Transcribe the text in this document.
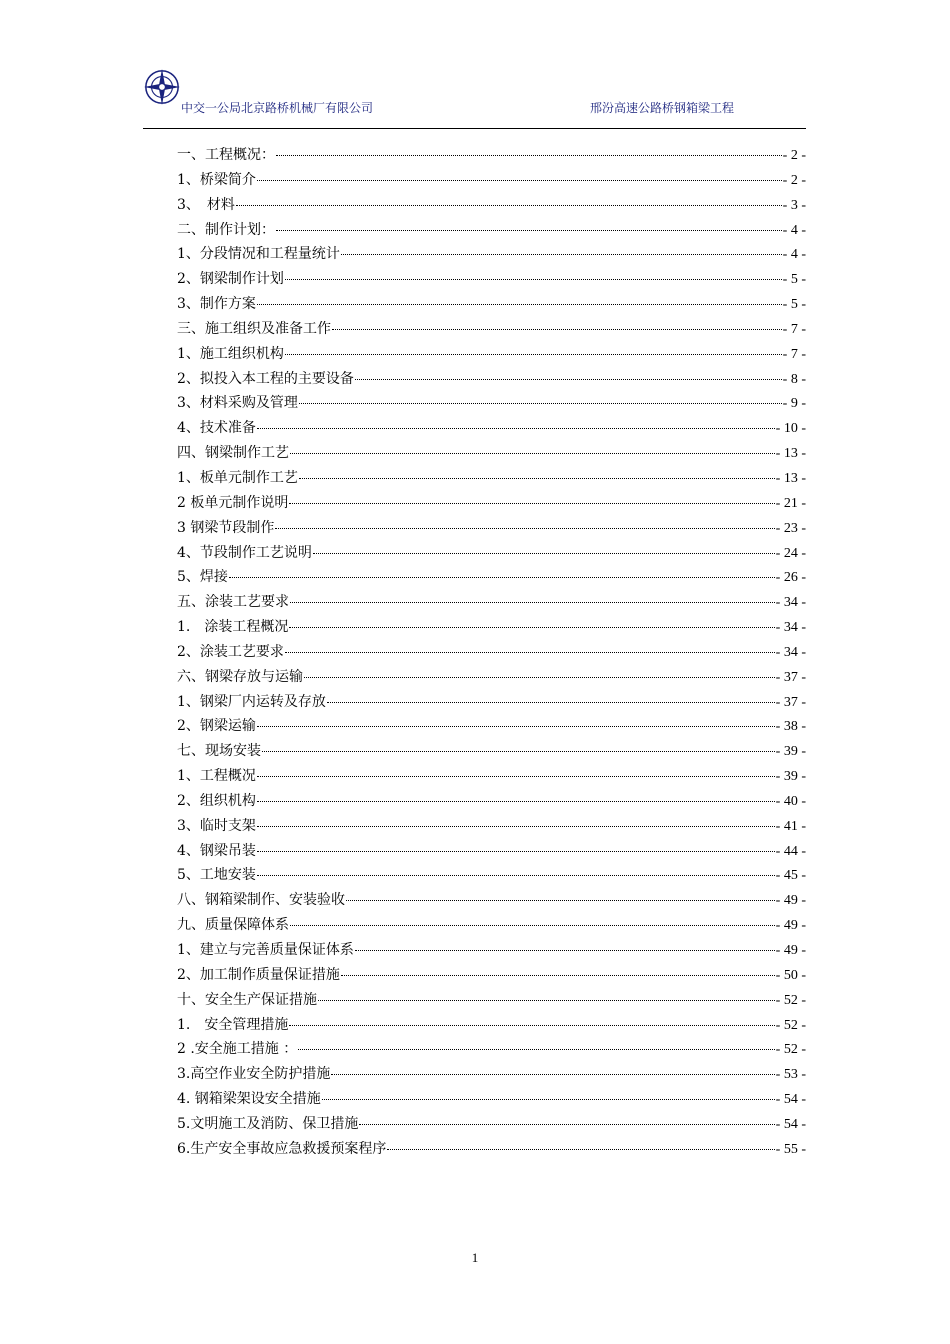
中交一公局北京路桥机械厂有限公司	邢汾高速公路桥钢箱梁工程
一、工程概况：	- 2 -
1、桥梁简介	- 2 -
3、　材料	- 3 -
二、制作计划：	- 4 -
1、分段情况和工程量统计	- 4 -
2、钢梁制作计划	- 5 -
3、制作方案	- 5 -
三、施工组织及准备工作	- 7 -
1、施工组织机构	- 7 -
2、拟投入本工程的主要设备	- 8 -
3、材料采购及管理	- 9 -
4、技术准备	- 10 -
四、钢梁制作工艺	- 13 -
1、板单元制作工艺	- 13 -
2 板单元制作说明	- 21 -
3 钢梁节段制作	- 23 -
4、节段制作工艺说明	- 24 -
5、焊接	- 26 -
五、涂装工艺要求	- 34 -
1.　涂装工程概况	- 34 -
2、涂装工艺要求	- 34 -
六、钢梁存放与运输	- 37 -
1、钢梁厂内运转及存放	- 37 -
2、钢梁运输	- 38 -
七、现场安装	- 39 -
1、工程概况	- 39 -
2、组织机构	- 40 -
3、临时支架	- 41 -
4、钢梁吊装	- 44 -
5、工地安装	- 45 -
八、钢箱梁制作、安装验收	- 49 -
九、质量保障体系	- 49 -
1、建立与完善质量保证体系	- 49 -
2、加工制作质量保证措施	- 50 -
十、安全生产保证措施	- 52 -
1.　安全管理措施	- 52 -
2 .安全施工措施 ：	- 52 -
3.高空作业安全防护措施	- 53 -
4. 钢箱梁架设安全措施	- 54 -
5.文明施工及消防、保卫措施	- 54 -
6.生产安全事故应急救援预案程序	- 55 -
1
